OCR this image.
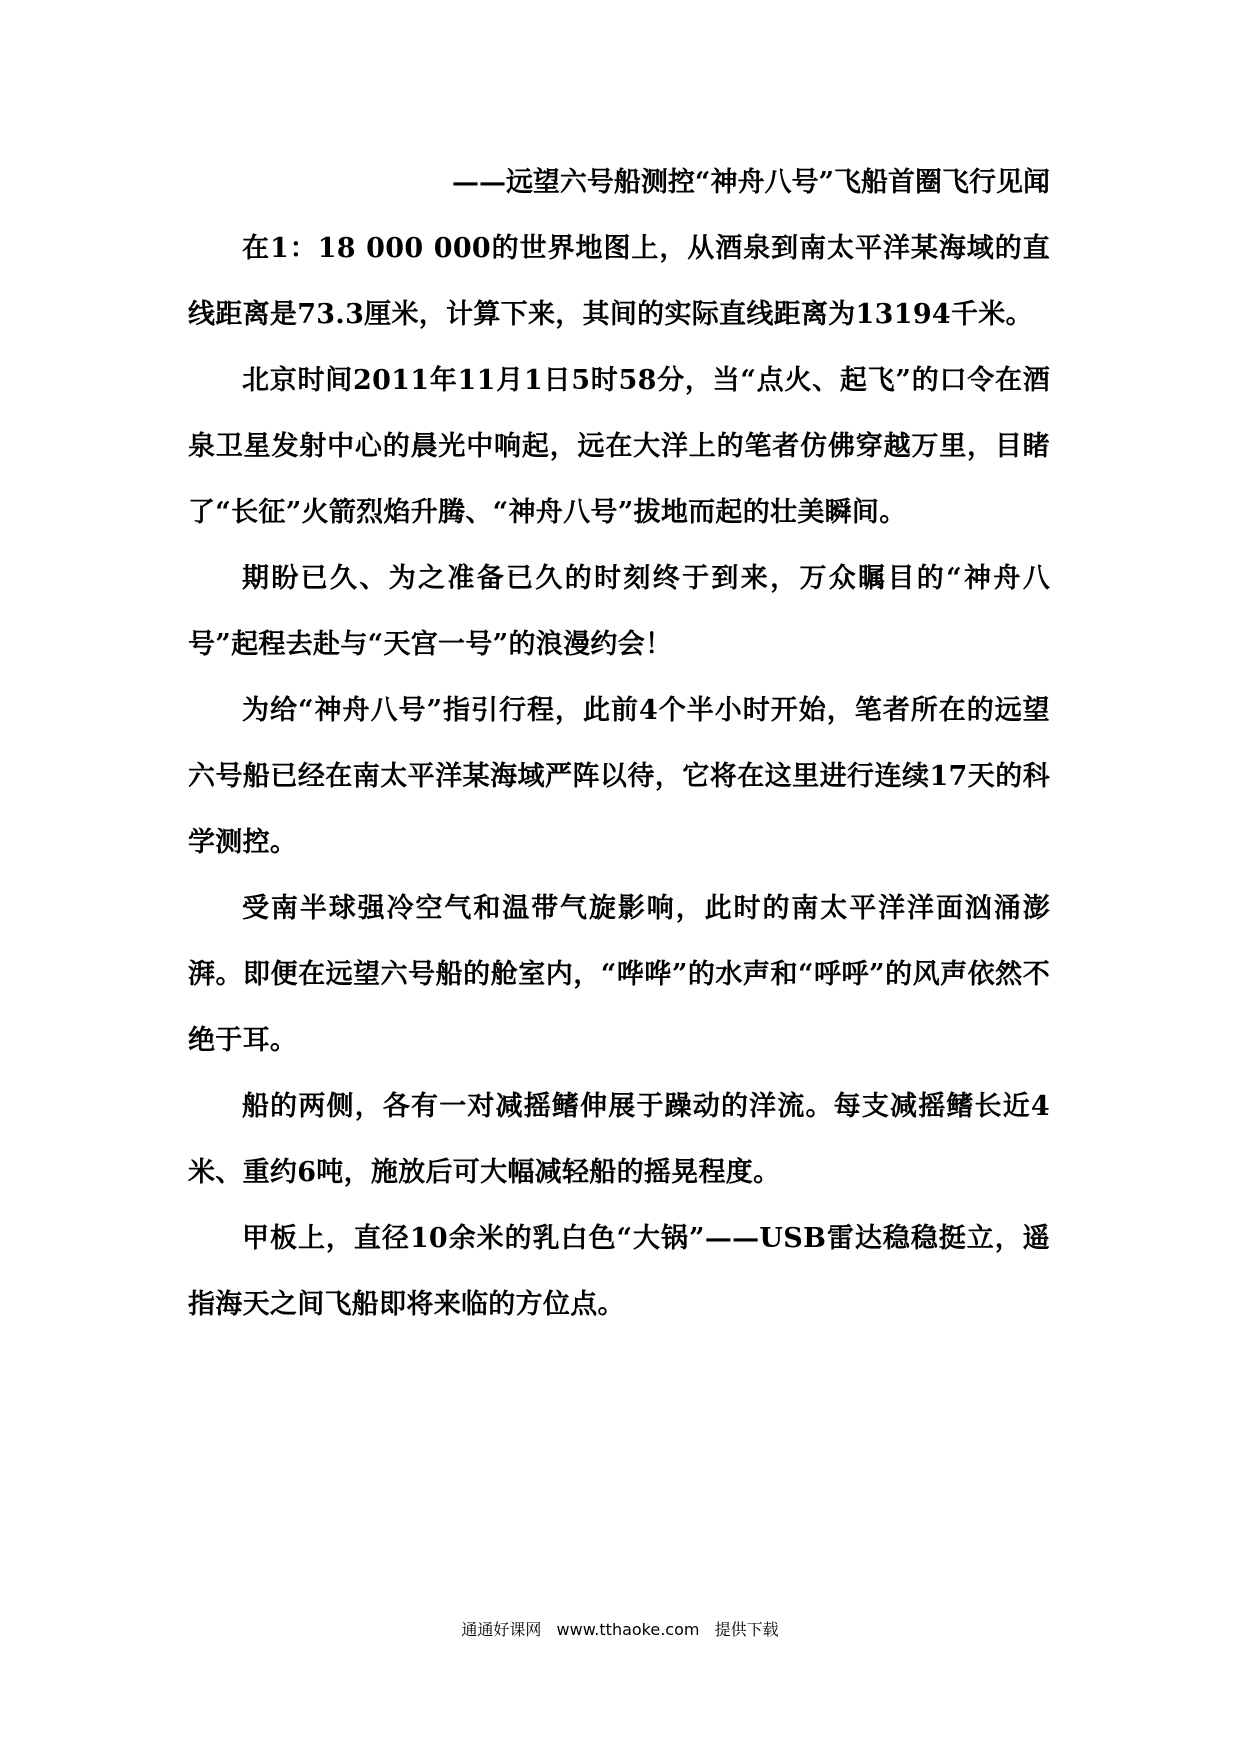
——远望六号船测控“神舟八号”飞船首圈飞行见闻

在1：18 000 000的世界地图上，从酒泉到南太平洋某海域的直线距离是73.3厘米，计算下来，其间的实际直线距离为13194千米。

北京时间2011年11月1日5时58分，当“点火、起飞”的口令在酒泉卫星发射中心的晨光中响起，远在大洋上的笔者仿佛穿越万里，目睹了“长征”火箭烈焰升腾、“神舟八号”拔地而起的壮美瞬间。

期盼已久、为之准备已久的时刻终于到来，万众瞩目的“神舟八号”起程去赴与“天宫一号”的浪漫约会！

为给“神舟八号”指引行程，此前4个半小时开始，笔者所在的远望六号船已经在南太平洋某海域严阵以待，它将在这里进行连续17天的科学测控。

受南半球强冷空气和温带气旋影响，此时的南太平洋洋面汹涌澎湃。即便在远望六号船的舱室内，“哗哗”的水声和“呼呼”的风声依然不绝于耳。

船的两侧，各有一对减摇鳍伸展于躁动的洋流。每支减摇鳍长近4米、重约6吨，施放后可大幅减轻船的摇晃程度。

甲板上，直径10余米的乳白色“大锅”——USB雷达稳稳挺立，遥指海天之间飞船即将来临的方位点。

通通好课网 www.tthaoke.com 提供下载
